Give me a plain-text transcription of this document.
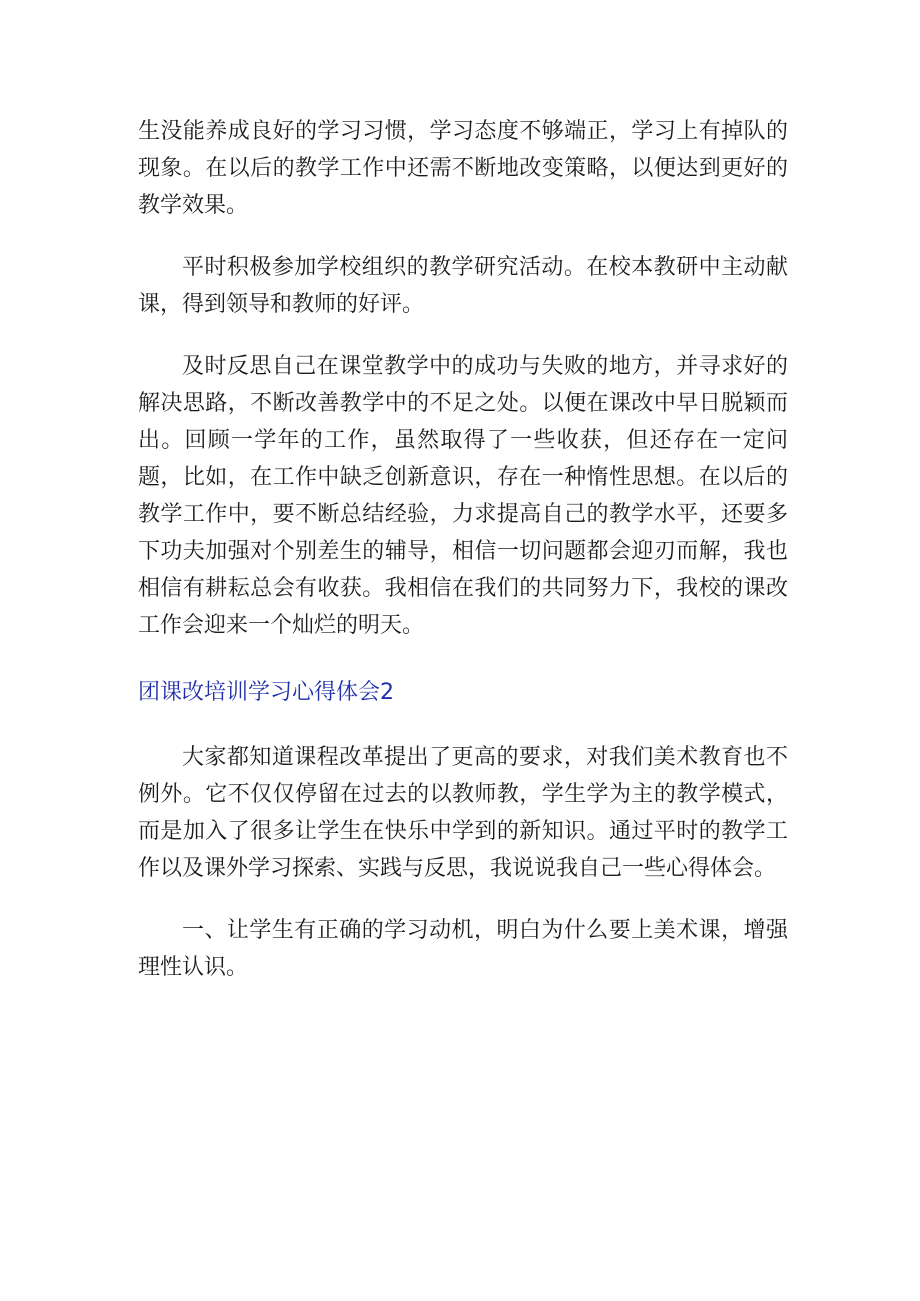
生没能养成良好的学习习惯，学习态度不够端正，学习上有掉队的现象。在以后的教学工作中还需不断地改变策略，以便达到更好的教学效果。

平时积极参加学校组织的教学研究活动。在校本教研中主动献课，得到领导和教师的好评。

及时反思自己在课堂教学中的成功与失败的地方，并寻求好的解决思路，不断改善教学中的不足之处。以便在课改中早日脱颖而出。回顾一学年的工作，虽然取得了一些收获，但还存在一定问题，比如，在工作中缺乏创新意识，存在一种惰性思想。在以后的教学工作中，要不断总结经验，力求提高自己的教学水平，还要多下功夫加强对个别差生的辅导，相信一切问题都会迎刃而解，我也相信有耕耘总会有收获。我相信在我们的共同努力下，我校的课改工作会迎来一个灿烂的明天。

团课改培训学习心得体会2

大家都知道课程改革提出了更高的要求，对我们美术教育也不例外。它不仅仅停留在过去的以教师教，学生学为主的教学模式，而是加入了很多让学生在快乐中学到的新知识。通过平时的教学工作以及课外学习探索、实践与反思，我说说我自己一些心得体会。

一、让学生有正确的学习动机，明白为什么要上美术课，增强理性认识。
